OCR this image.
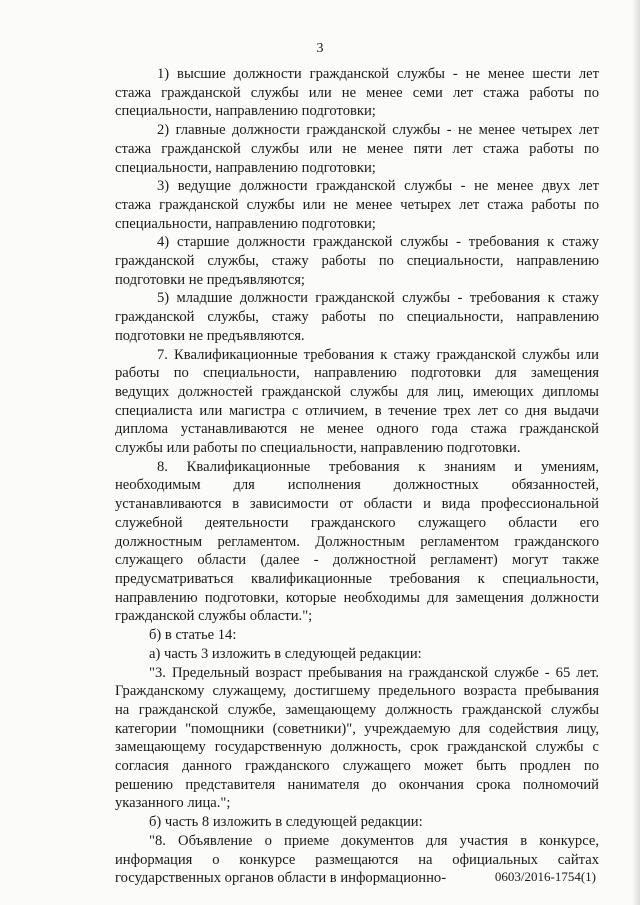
3

1) высшие должности гражданской службы - не менее шести лет

стажа гражданской службы или не менее семи лет стажа работы по

специальности, направлению подготовки;

2) главные должности гражданской службы - не менее четырех лет

стажа гражданской службы или не менее пяти лет стажа работы по

специальности, направлению подготовки;

3) ведущие должности гражданской службы - не менее двух лет

стажа гражданской службы или не менее четырех лет стажа работы по

специальности, направлению подготовки;

4) старшие должности гражданской службы - требования к стажу

гражданской службы, стажу работы по специальности, направлению

подготовки не предъявляются;

5) младшие должности гражданской службы - требования к стажу

гражданской службы, стажу работы по специальности, направлению

подготовки не предъявляются.

7. Квалификационные требования к стажу гражданской службы или

работы по специальности, направлению подготовки для замещения

ведущих должностей гражданской службы для лиц, имеющих дипломы

специалиста или магистра с отличием, в течение трех лет со дня выдачи

диплома устанавливаются не менее одного года стажа гражданской

службы или работы по специальности, направлению подготовки.

8. Квалификационные требования к знаниям и умениям,

необходимым для исполнения должностных обязанностей,

устанавливаются в зависимости от области и вида профессиональной

служебной деятельности гражданского служащего области его

должностным регламентом. Должностным регламентом гражданского

служащего области (далее - должностной регламент) могут также

предусматриваться квалификационные требования к специальности,

направлению подготовки, которые необходимы для замещения должности

гражданской службы области.";

б) в статье 14:

а) часть 3 изложить в следующей редакции:

"3. Предельный возраст пребывания на гражданской службе - 65 лет.

Гражданскому служащему, достигшему предельного возраста пребывания

на гражданской службе, замещающему должность гражданской службы

категории "помощники (советники)", учреждаемую для содействия лицу,

замещающему государственную должность, срок гражданской службы с

согласия данного гражданского служащего может быть продлен по

решению представителя нанимателя до окончания срока полномочий

указанного лица.";

б) часть 8 изложить в следующей редакции:

"8. Объявление о приеме документов для участия в конкурсе,

информация о конкурсе размещаются на официальных сайтах

государственных органов области в информационно-	0603/2016-1754(1)
